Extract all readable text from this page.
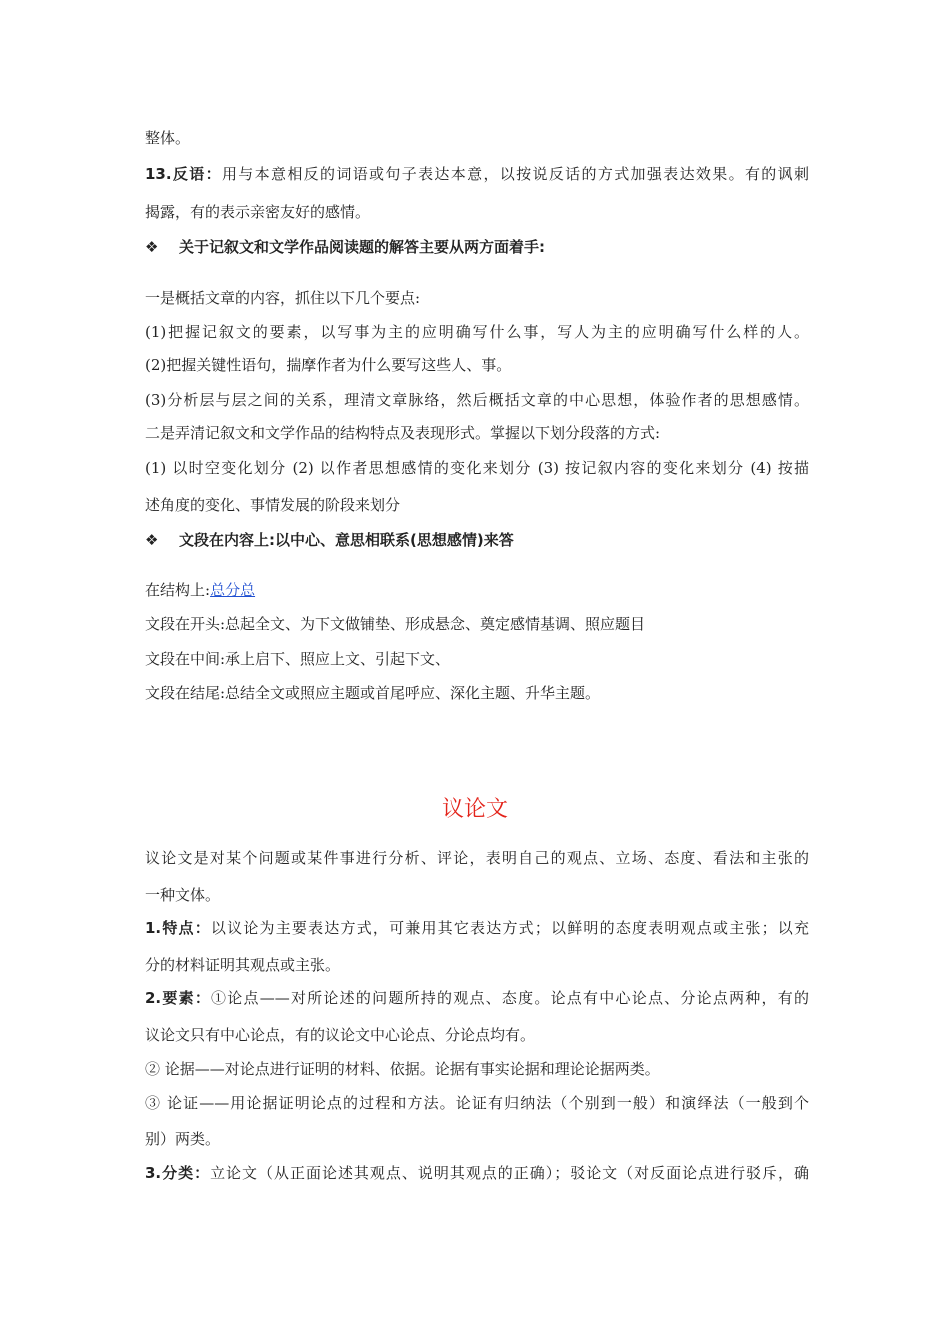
整体。
13.反语：用与本意相反的词语或句子表达本意，以按说反话的方式加强表达效果。有的讽刺
揭露，有的表示亲密友好的感情。
❖ 关于记叙文和文学作品阅读题的解答主要从两方面着手:
一是概括文章的内容，抓住以下几个要点:
(1)把握记叙文的要素，以写事为主的应明确写什么事，写人为主的应明确写什么样的人。
(2)把握关键性语句，揣摩作者为什么要写这些人、事。
(3)分析层与层之间的关系，理清文章脉络，然后概括文章的中心思想，体验作者的思想感情。
二是弄清记叙文和文学作品的结构特点及表现形式。掌握以下划分段落的方式:
(1) 以时空变化划分 (2) 以作者思想感情的变化来划分 (3) 按记叙内容的变化来划分 (4) 按描
述角度的变化、事情发展的阶段来划分
❖ 文段在内容上:以中心、意思相联系(思想感情)来答
在结构上:总分总
文段在开头:总起全文、为下文做铺垫、形成悬念、奠定感情基调、照应题目
文段在中间:承上启下、照应上文、引起下文、
文段在结尾:总结全文或照应主题或首尾呼应、深化主题、升华主题。
议论文
议论文是对某个问题或某件事进行分析、评论，表明自己的观点、立场、态度、看法和主张的
一种文体。
1.特点：以议论为主要表达方式，可兼用其它表达方式；以鲜明的态度表明观点或主张；以充
分的材料证明其观点或主张。
2.要素：①论点——对所论述的问题所持的观点、态度。论点有中心论点、分论点两种，有的
议论文只有中心论点，有的议论文中心论点、分论点均有。
② 论据——对论点进行证明的材料、依据。论据有事实论据和理论论据两类。
③ 论证——用论据证明论点的过程和方法。论证有归纳法（个别到一般）和演绎法（一般到个
别）两类。
3.分类：立论文（从正面论述其观点、说明其观点的正确）；驳论文（对反面论点进行驳斥，确
